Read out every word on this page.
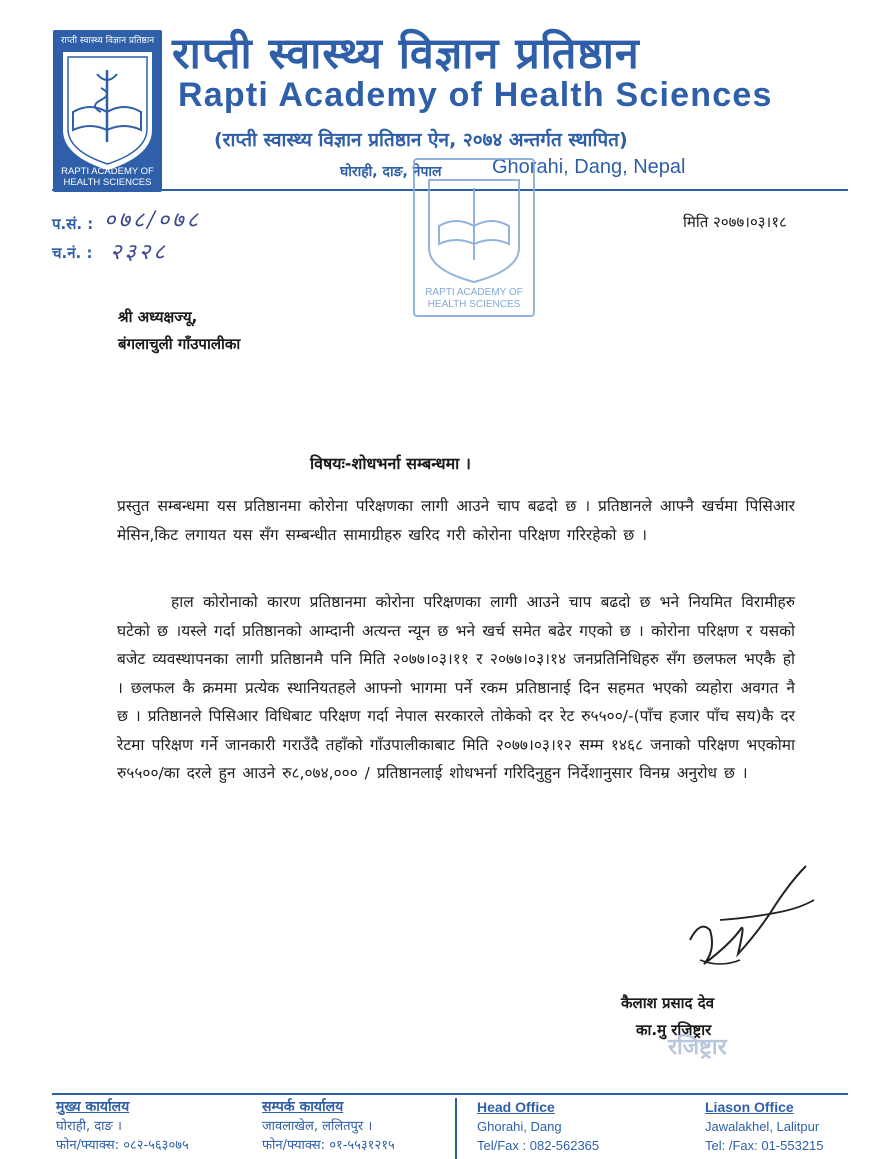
राप्ती स्वास्थ्य विज्ञान प्रतिष्ठान
RAPTI ACADEMY OF
HEALTH SCIENCES
राप्ती स्वास्थ्य विज्ञान प्रतिष्ठान
Rapti Academy of Health Sciences
(राप्ती स्वास्थ्य विज्ञान प्रतिष्ठान ऐन, २०७४ अन्तर्गत स्थापित)
घोराही, दाङ, नेपाल	Ghorahi, Dang, Nepal
RAPTI ACADEMY OF
HEALTH SCIENCES
प.सं. : ०७८/०७८
च.नं. : २३२८
मिति २०७७।०३।१८
श्री अध्यक्षज्यू,
बंगलाचुली गाँउपालीका
विषयः-शोधभर्ना सम्बन्धमा ।
प्रस्तुत सम्बन्धमा यस प्रतिष्ठानमा कोरोना परिक्षणका लागी आउने चाप बढदो छ । प्रतिष्ठानले आफ्नै खर्चमा पिसिआर मेसिन,किट लगायत यस सँग सम्बन्धीत सामाग्रीहरु खरिद गरी कोरोना परिक्षण गरिरहेको छ ।
हाल कोरोनाको कारण प्रतिष्ठानमा कोरोना परिक्षणका लागी आउने चाप बढदो छ भने नियमित विरामीहरु घटेको छ ।यस्ले गर्दा प्रतिष्ठानको आम्दानी अत्यन्त न्यून छ भने खर्च समेत बढेर गएको छ । कोरोना परिक्षण र यसको बजेट व्यवस्थापनका लागी प्रतिष्ठानमै पनि मिति २०७७।०३।११ र २०७७।०३।१४ जनप्रतिनिधिहरु सँग छलफल भएकै हो । छलफल कै क्रममा प्रत्येक स्थानियतहले आफ्नो भागमा पर्ने रकम प्रतिष्ठानाई दिन सहमत भएको व्यहोरा अवगत नै छ । प्रतिष्ठानले पिसिआर विधिबाट परिक्षण गर्दा नेपाल सरकारले तोकेको दर रेट रु५५००/-(पाँच हजार पाँच सय)कै दर रेटमा परिक्षण गर्ने जानकारी गराउँदै तहाँको गाँउपालीकाबाट मिति २०७७।०३।१२ सम्म १४६८ जनाको परिक्षण भएकोमा रु५५००/का दरले हुन आउने रु८,०७४,००० / प्रतिष्ठानलाई शोधभर्ना गरिदिनुहुन निर्देशानुसार विनम्र अनुरोध छ ।
कैलाश प्रसाद देव
का.मु रजिष्ट्रार
रजिष्ट्रार
मुख्य कार्यालय
घोराही, दाङ ।
फोन/फ्याक्स: ०८२-५६३०७५
सम्पर्क कार्यालय
जावलाखेल, ललितपुर ।
फोन/फ्याक्स: ०१-५५३१२१५
Head Office
Ghorahi, Dang
Tel/Fax : 082-562365
Liason Office
Jawalakhel, Lalitpur
Tel: /Fax: 01-553215
